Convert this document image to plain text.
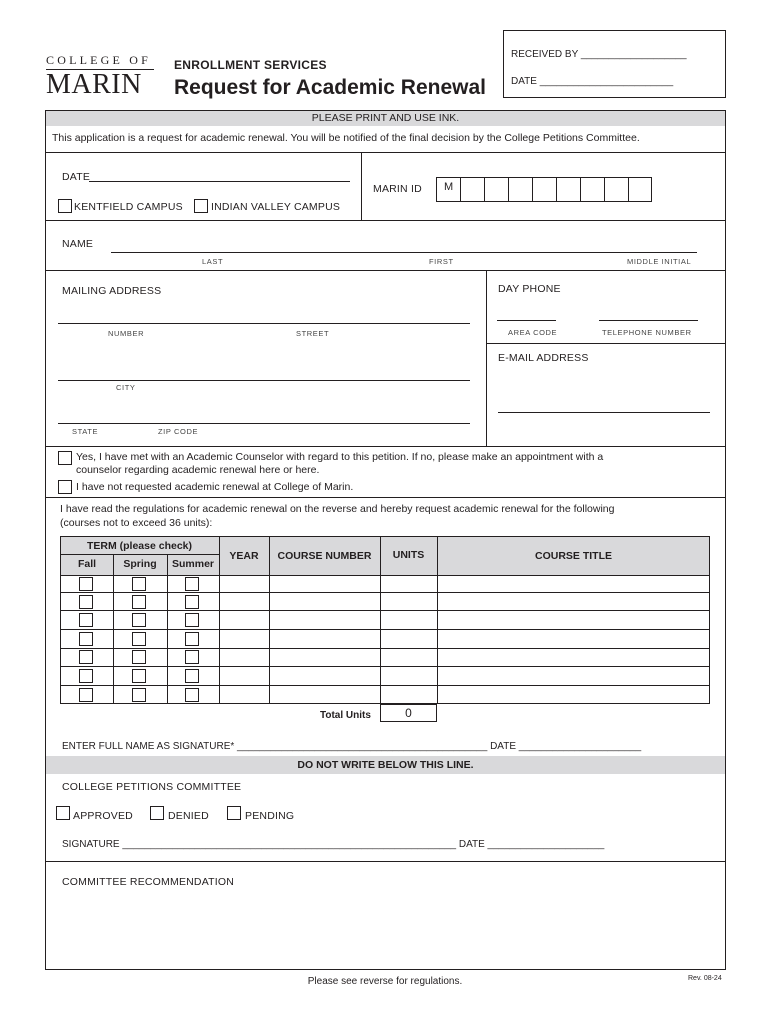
COLLEGE OF
MARIN
ENROLLMENT SERVICES
Request for Academic Renewal
RECEIVED BY ___________________
DATE ________________________
PLEASE PRINT AND USE INK.
This application is a request for academic renewal. You will be notified of the final decision by the College Petitions Committee.
DATE
KENTFIELD CAMPUS	INDIAN VALLEY CAMPUS
MARIN ID M
NAME
LAST	FIRST	MIDDLE INITIAL
MAILING ADDRESS
NUMBER	STREET
CITY
STATE	ZIP CODE
DAY PHONE
AREA CODE	TELEPHONE NUMBER
E-MAIL ADDRESS
Yes, I have met with an Academic Counselor with regard to this petition. If no, please make an appointment with a
counselor regarding academic renewal here or here.
I have not requested academic renewal at College of Marin.
I have read the regulations for academic renewal on the reverse and hereby request academic renewal for the following
(courses not to exceed 36 units):
TERM (please check)
Fall	Spring	Summer
YEAR	COURSE NUMBER	UNITS	COURSE TITLE
Total Units	0
ENTER FULL NAME AS SIGNATURE* _____________________________________________ DATE ______________________
DO NOT WRITE BELOW THIS LINE.
COLLEGE PETITIONS COMMITTEE
APPROVED	DENIED	PENDING
SIGNATURE ____________________________________________________________ DATE _____________________
COMMITTEE RECOMMENDATION
Please see reverse for regulations.	Rev. 08-24
